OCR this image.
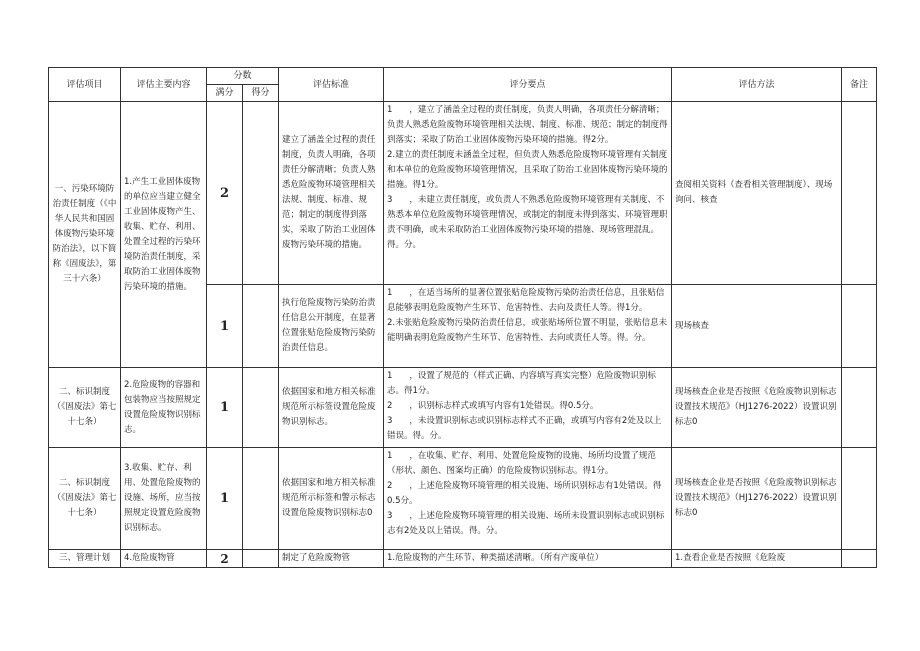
评估项目	评估主要内容	分数		评估标准	评分要点	评估方法	备注
		满分	得分				
一、污染环境防治责任制度（《中华人民共和国固体废物污染环境防治法》，以下简称《固废法》，第三十六条）	1.产生工业固体废物的单位应当建立健全工业固体废物产生、收集、贮存、利用、处置全过程的污染环境防治责任制度，采取防治工业固体废物污染环境的措施。	2		建立了涵盖全过程的责任制度，负责人明确，各项责任分解清晰；负责人熟悉危险废物环境管理相关法规、制度、标准、规范；制定的制度得到落实，采取了防治工业固体废物污染环境的措施。	1　　，建立了涵盖全过程的责任制度，负责人明确，各项责任分解清晰；负责人熟悉危险废物环境管理相关法规、制度、标准、规范；制定的制度得到落实；采取了防治工业固体废物污染环境的措施。得2分。
2.建立的责任制度未涵盖全过程，但负责人熟悉危险废物环境管理有关制度和本单位的危险废物环境管理情况，且采取了防治工业固体废物污染环境的措施。得1分。
3　　，未建立责任制度，或负责人不熟悉危险废物环境管理有关制度、不熟悉本单位危险废物环境管理情况，或制定的制度未得到落实、环境管理职责不明确，或未采取防治工业固体废物污染环境的措施、现场管理混乱。得。分。	查阅相关资料（查看相关管理制度）、现场询问、核查	
		1		执行危险废物污染防治责任信息公开制度，在显著位置张贴危险废物污染防治责任信息。	1　　，在适当场所的显著位置张贴危险废物污染防治责任信息，且张贴信息能够表明危险废物产生环节、危害特性、去向及责任人等。得1分。
2.未张贴危险废物污染防治责任信息，或张贴场所位置不明显，张贴信息未能明确表明危险废物产生环节、危害特性、去向或责任人等。得。分。	现场核查	
二、标识制度（《固废法》第七十七条）	2.危险废物的容器和包装物应当按照规定设置危险废物识别标志。	1		依据国家和地方相关标准规范所示标签设置危险废物识别标志。	1　　，设置了规范的（样式正确、内容填写真实完整）危险废物识别标志。得1分。
2　　，识别标志样式或填写内容有1处错误。得0.5分。
3　　，未设置识别标志或识别标志样式不正确，或填写内容有2处及以上错误。得。分。	现场核查企业是否按照《危险废物识别标志设置技术规范》（HJ1276-2022）设置识别标志0	
二、标识制度（《固废法》第七十七条）	3.收集、贮存、利用、处置危险废物的设施、场所，应当按照规定设置危险废物识别标志。	1		依据国家和地方相关标准规范所示标签和警示标志设置危险废物识别标志0	1　　，在收集、贮存、利用、处置危险废物的设施、场所均设置了规范（形状、颜色、图案均正确）的危险废物识别标志。得1分。
2　　，上述危险废物环境管理的相关设施、场所识别标志有1处错误。得0.5分。
3　　，上述危险废物环境管理的相关设施、场所未设置识别标志或识别标志有2处及以上错误。得。分。	现场核查企业是否按照《危险废物识别标志设置技术规范》（HJ1276-2022）设置识别标志0	
三、管理计划	4.危险废物管	2		制定了危险废物管	1.危险废物的产生环节、种类描述清晰。（所有产废单位）	1.查看企业是否按照《危险废	
